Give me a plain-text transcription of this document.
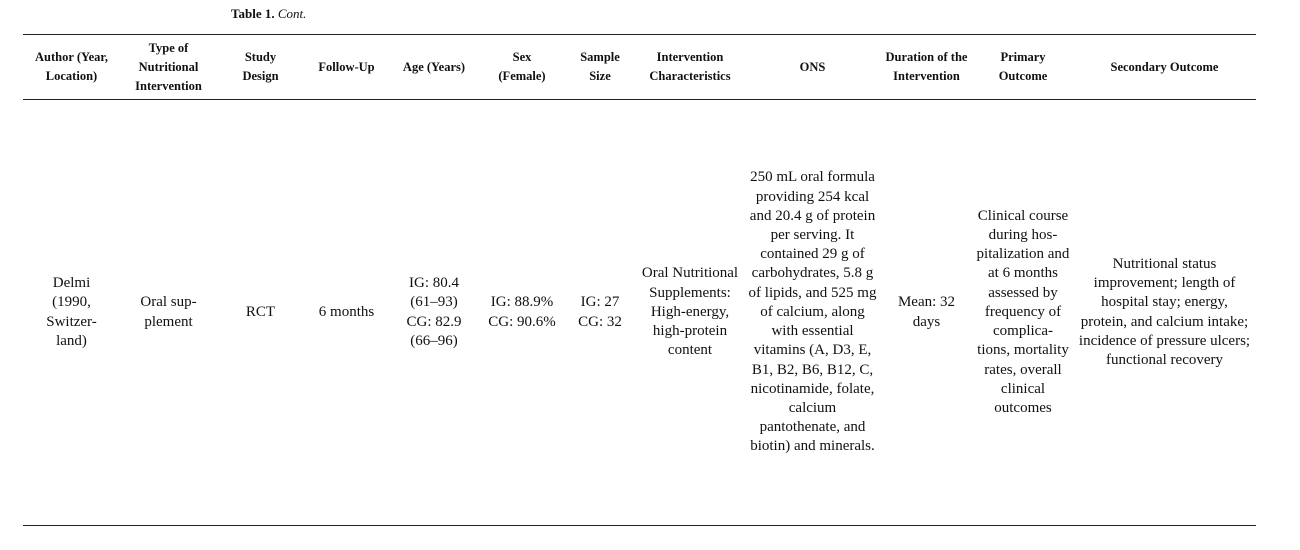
Table 1. Cont.
Author (Year, Location)	Type of Nutritional Intervention	Study Design	Follow-Up	Age (Years)	Sex (Female)	Sample Size	Intervention Characteristics	ONS	Duration of the Intervention	Primary Outcome	Secondary Outcome
Delmi (1990, Switzer- land)	Oral sup- plement	RCT	6 months	IG: 80.4 (61–93) CG: 82.9 (66–96)	IG: 88.9% CG: 90.6%	IG: 27 CG: 32	Oral Nutritional Supplements: High-energy, high-protein content	250 mL oral formula providing 254 kcal and 20.4 g of protein per serving. It contained 29 g of carbohydrates, 5.8 g of lipids, and 525 mg of calcium, along with essential vitamins (A, D3, E, B1, B2, B6, B12, C, nicotinamide, folate, calcium pantothenate, and biotin) and minerals.	Mean: 32 days	Clinical course during hos- pitalization and at 6 months assessed by frequency of complica- tions, mortality rates, overall clinical outcomes	Nutritional status improvement; length of hospital stay; energy, protein, and calcium intake; incidence of pressure ulcers; functional recovery
